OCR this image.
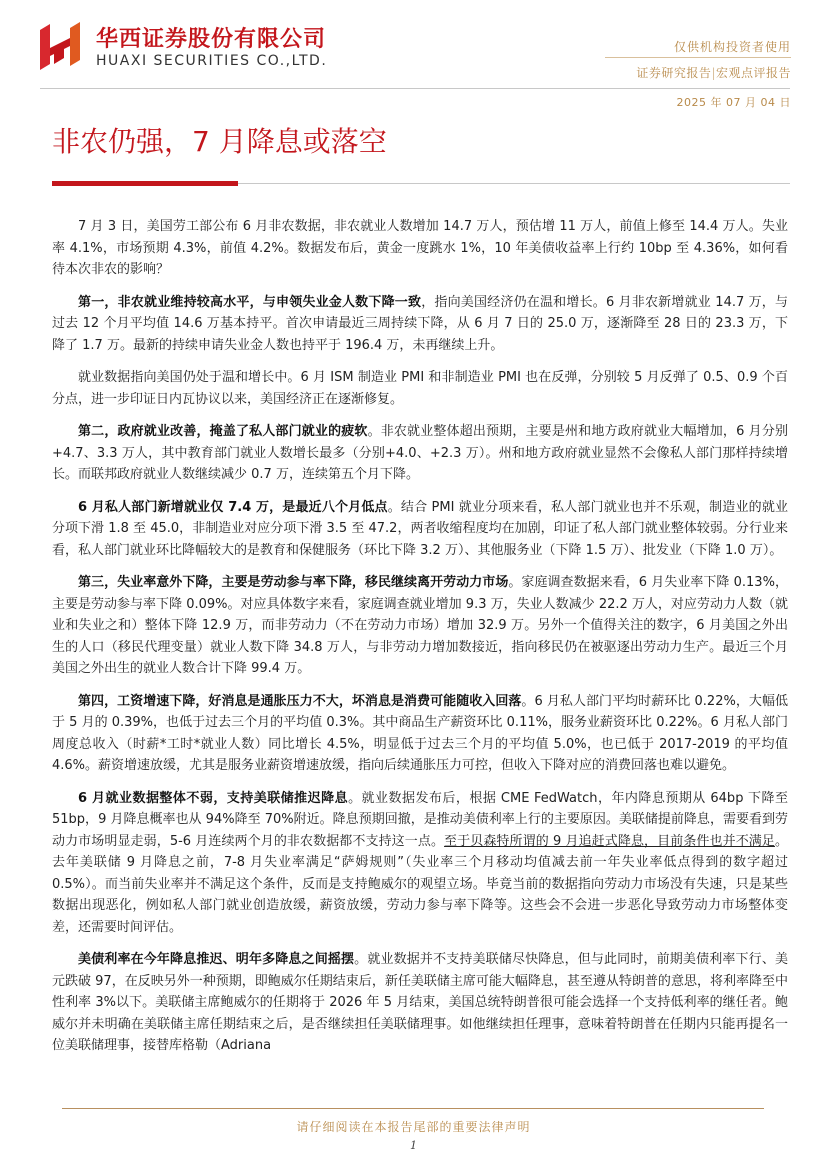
华西证券股份有限公司
HUAXI SECURITIES CO.,LTD.
仅供机构投资者使用
证券研究报告|宏观点评报告
2025 年 07 月 04 日
非农仍强，7 月降息或落空

7 月 3 日，美国劳工部公布 6 月非农数据，非农就业人数增加 14.7 万人，预估增 11 万人，前值上修至 14.4 万人。失业率 4.1%，市场预期 4.3%，前值 4.2%。数据发布后，黄金一度跳水 1%，10 年美债收益率上行约 10bp 至 4.36%，如何看待本次非农的影响？

第一，非农就业维持较高水平，与申领失业金人数下降一致，指向美国经济仍在温和增长。6 月非农新增就业 14.7 万，与过去 12 个月平均值 14.6 万基本持平。首次申请最近三周持续下降，从 6 月 7 日的 25.0 万，逐渐降至 28 日的 23.3 万，下降了 1.7 万。最新的持续申请失业金人数也持平于 196.4 万，未再继续上升。

就业数据指向美国仍处于温和增长中。6 月 ISM 制造业 PMI 和非制造业 PMI 也在反弹，分别较 5 月反弹了 0.5、0.9 个百分点，进一步印证日内瓦协议以来，美国经济正在逐渐修复。

第二，政府就业改善，掩盖了私人部门就业的疲软。非农就业整体超出预期，主要是州和地方政府就业大幅增加，6 月分别+4.7、3.3 万人，其中教育部门就业人数增长最多（分别+4.0、+2.3 万）。州和地方政府就业显然不会像私人部门那样持续增长。而联邦政府就业人数继续减少 0.7 万，连续第五个月下降。

6 月私人部门新增就业仅 7.4 万，是最近八个月低点。结合 PMI 就业分项来看，私人部门就业也并不乐观，制造业的就业分项下滑 1.8 至 45.0，非制造业对应分项下滑 3.5 至 47.2，两者收缩程度均在加剧，印证了私人部门就业整体较弱。分行业来看，私人部门就业环比降幅较大的是教育和保健服务（环比下降 3.2 万）、其他服务业（下降 1.5 万）、批发业（下降 1.0 万）。

第三，失业率意外下降，主要是劳动参与率下降，移民继续离开劳动力市场。家庭调查数据来看，6 月失业率下降 0.13%，主要是劳动参与率下降 0.09%。对应具体数字来看，家庭调查就业增加 9.3 万，失业人数减少 22.2 万人，对应劳动力人数（就业和失业之和）整体下降 12.9 万，而非劳动力（不在劳动力市场）增加 32.9 万。另外一个值得关注的数字，6 月美国之外出生的人口（移民代理变量）就业人数下降 34.8 万人，与非劳动力增加数接近，指向移民仍在被驱逐出劳动力生产。最近三个月美国之外出生的就业人数合计下降 99.4 万。

第四，工资增速下降，好消息是通胀压力不大，坏消息是消费可能随收入回落。6 月私人部门平均时薪环比 0.22%，大幅低于 5 月的 0.39%，也低于过去三个月的平均值 0.3%。其中商品生产薪资环比 0.11%，服务业薪资环比 0.22%。6 月私人部门周度总收入（时薪*工时*就业人数）同比增长 4.5%，明显低于过去三个月的平均值 5.0%，也已低于 2017-2019 的平均值 4.6%。薪资增速放缓，尤其是服务业薪资增速放缓，指向后续通胀压力可控，但收入下降对应的消费回落也难以避免。

6 月就业数据整体不弱，支持美联储推迟降息。就业数据发布后，根据 CME FedWatch，年内降息预期从 64bp 下降至 51bp，9 月降息概率也从 94%降至 70%附近。降息预期回撤，是推动美债利率上行的主要原因。美联储提前降息，需要看到劳动力市场明显走弱，5-6 月连续两个月的非农数据都不支持这一点。至于贝森特所谓的 9 月追赶式降息，目前条件也并不满足。去年美联储 9 月降息之前，7-8 月失业率满足“萨姆规则”（失业率三个月移动均值减去前一年失业率低点得到的数字超过 0.5%）。而当前失业率并不满足这个条件，反而是支持鲍威尔的观望立场。毕竟当前的数据指向劳动力市场没有失速，只是某些数据出现恶化，例如私人部门就业创造放缓，薪资放缓，劳动力参与率下降等。这些会不会进一步恶化导致劳动力市场整体变差，还需要时间评估。

美债利率在今年降息推迟、明年多降息之间摇摆。就业数据并不支持美联储尽快降息，但与此同时，前期美债利率下行、美元跌破 97，在反映另外一种预期，即鲍威尔任期结束后，新任美联储主席可能大幅降息，甚至遵从特朗普的意思，将利率降至中性利率 3%以下。美联储主席鲍威尔的任期将于 2026 年 5 月结束，美国总统特朗普很可能会选择一个支持低利率的继任者。鲍威尔并未明确在美联储主席任期结束之后，是否继续担任美联储理事。如他继续担任理事，意味着特朗普在任期内只能再提名一位美联储理事，接替库格勒（Adriana

请仔细阅读在本报告尾部的重要法律声明
1
